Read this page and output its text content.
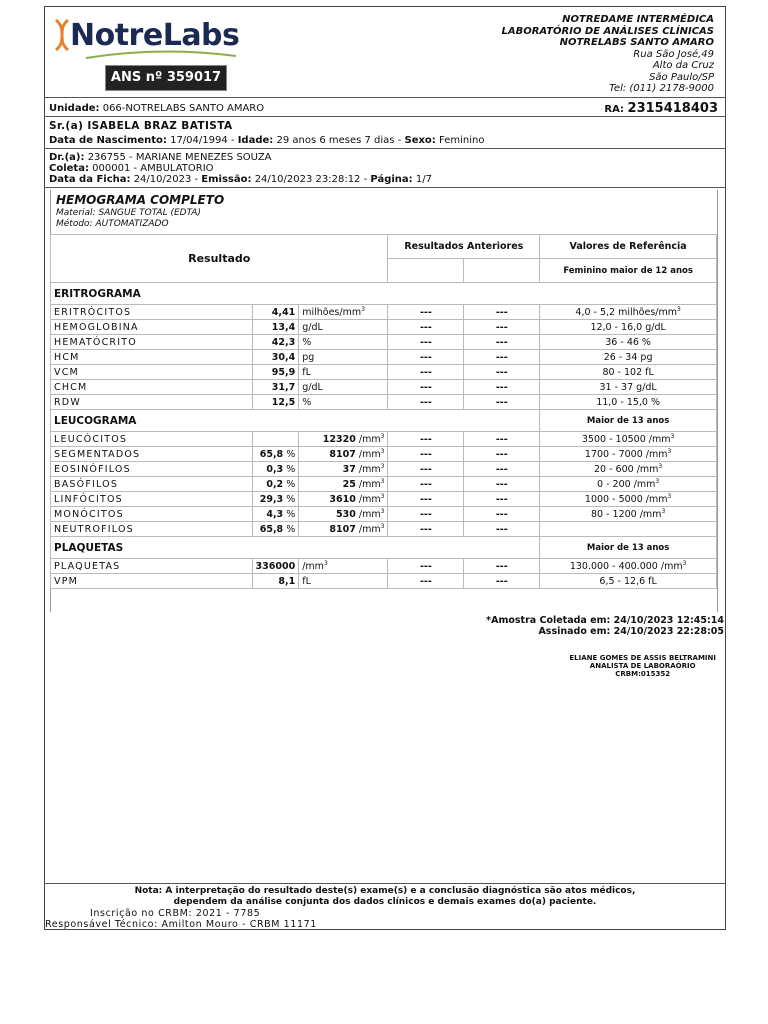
NotreLabs
ANS nº 359017
NOTREDAME INTERMÉDICA
LABORATÓRIO DE ANÁLISES CLÍNICAS
NOTRELABS SANTO AMARO
Rua São José,49
Alto da Cruz
São Paulo/SP
Tel: (011) 2178-9000
Unidade: 066-NOTRELABS SANTO AMARO	RA: 2315418403
Sr.(a) ISABELA BRAZ BATISTA
Data de Nascimento: 17/04/1994 - Idade: 29 anos 6 meses 7 dias - Sexo: Feminino
Dr.(a): 236755 - MARIANE MENEZES SOUZA
Coleta: 000001 - AMBULATORIO
Data da Ficha: 24/10/2023 - Emissão: 24/10/2023 23:28:12 - Página: 1/7
HEMOGRAMA COMPLETO
Material: SANGUE TOTAL (EDTA)
Método: AUTOMATIZADO
Resultado			Resultados Anteriores		Valores de Referência
					Feminino maior de 12 anos
ERITROGRAMA					
ERITRÓCITOS	4,41	milhões/$mm^3$	---	---	4,0 - 5,2 milhões/$mm^3$
HEMOGLOBINA	13,4	g/dL	---	---	12,0 - 16,0 g/dL
HEMATÓCRITO	42,3	%	---	---	36 - 46 %
HCM	30,4	pg	---	---	26 - 34 pg
VCM	95,9	fL	---	---	80 - 102 fL
CHCM	31,7	g/dL	---	---	31 - 37 g/dL
RDW	12,5	%	---	---	11,0 - 15,0 %
LEUCOGRAMA					Maior de 13 anos
LEUCÓCITOS		12320 $/mm^3$	---	---	3500 - 10500 $/mm^3$
SEGMENTADOS	65,8 %	8107 $/mm^3$	---	---	1700 - 7000 $/mm^3$
EOSINÓFILOS	0,3 %	37 $/mm^3$	---	---	20 - 600 $/mm^3$
BASÓFILOS	0,2 %	25 $/mm^3$	---	---	0 - 200 $/mm^3$
LINFÓCITOS	29,3 %	3610 $/mm^3$	---	---	1000 - 5000 $/mm^3$
MONÓCITOS	4,3 %	530 $/mm^3$	---	---	80 - 1200 $/mm^3$
NEUTROFILOS	65,8 %	8107 $/mm^3$	---	---	
PLAQUETAS					Maior de 13 anos
PLAQUETAS	336000	$/mm^3$	---	---	130.000 - 400.000 $/mm^3$
VPM	8,1	fL	---	---	6,5 - 12,6 fL
*Amostra Coletada em: 24/10/2023 12:45:14
Assinado em: 24/10/2023 22:28:05
ELIANE GOMES DE ASSIS BELTRAMINI
ANALISTA DE LABORAÓRIO
CRBM:015352
Nota: A interpretação do resultado deste(s) exame(s) e a conclusão diagnóstica são atos médicos,
dependem da análise conjunta dos dados clínicos e demais exames do(a) paciente.
Inscrição no CRBM: 2021 - 7785
Responsável Técnico: Amilton Mouro - CRBM 11171
